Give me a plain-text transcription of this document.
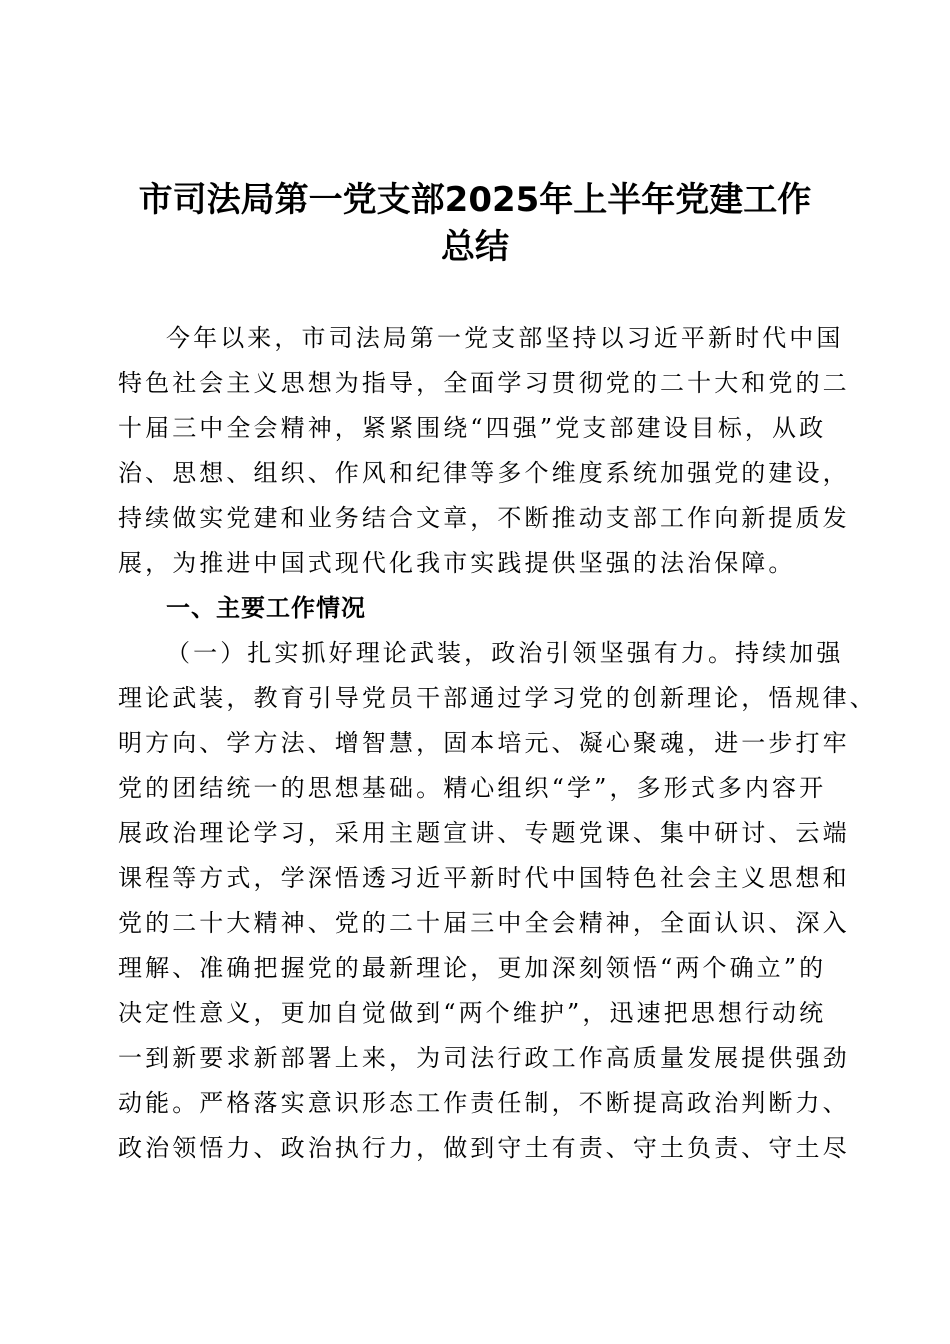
市司法局第一党支部2025年上半年党建工作
总结

今年以来，市司法局第一党支部坚持以习近平新时代中国

特色社会主义思想为指导，全面学习贯彻党的二十大和党的二

十届三中全会精神，紧紧围绕“四强”党支部建设目标，从政

治、思想、组织、作风和纪律等多个维度系统加强党的建设，

持续做实党建和业务结合文章，不断推动支部工作向新提质发

展，为推进中国式现代化我市实践提供坚强的法治保障。

一、主要工作情况

（一）扎实抓好理论武装，政治引领坚强有力。持续加强

理论武装，教育引导党员干部通过学习党的创新理论，悟规律、

明方向、学方法、增智慧，固本培元、凝心聚魂，进一步打牢

党的团结统一的思想基础。精心组织“学”，多形式多内容开

展政治理论学习，采用主题宣讲、专题党课、集中研讨、云端

课程等方式，学深悟透习近平新时代中国特色社会主义思想和

党的二十大精神、党的二十届三中全会精神，全面认识、深入

理解、准确把握党的最新理论，更加深刻领悟“两个确立”的

决定性意义，更加自觉做到“两个维护”，迅速把思想行动统

一到新要求新部署上来，为司法行政工作高质量发展提供强劲

动能。严格落实意识形态工作责任制，不断提高政治判断力、

政治领悟力、政治执行力，做到守土有责、守土负责、守土尽
